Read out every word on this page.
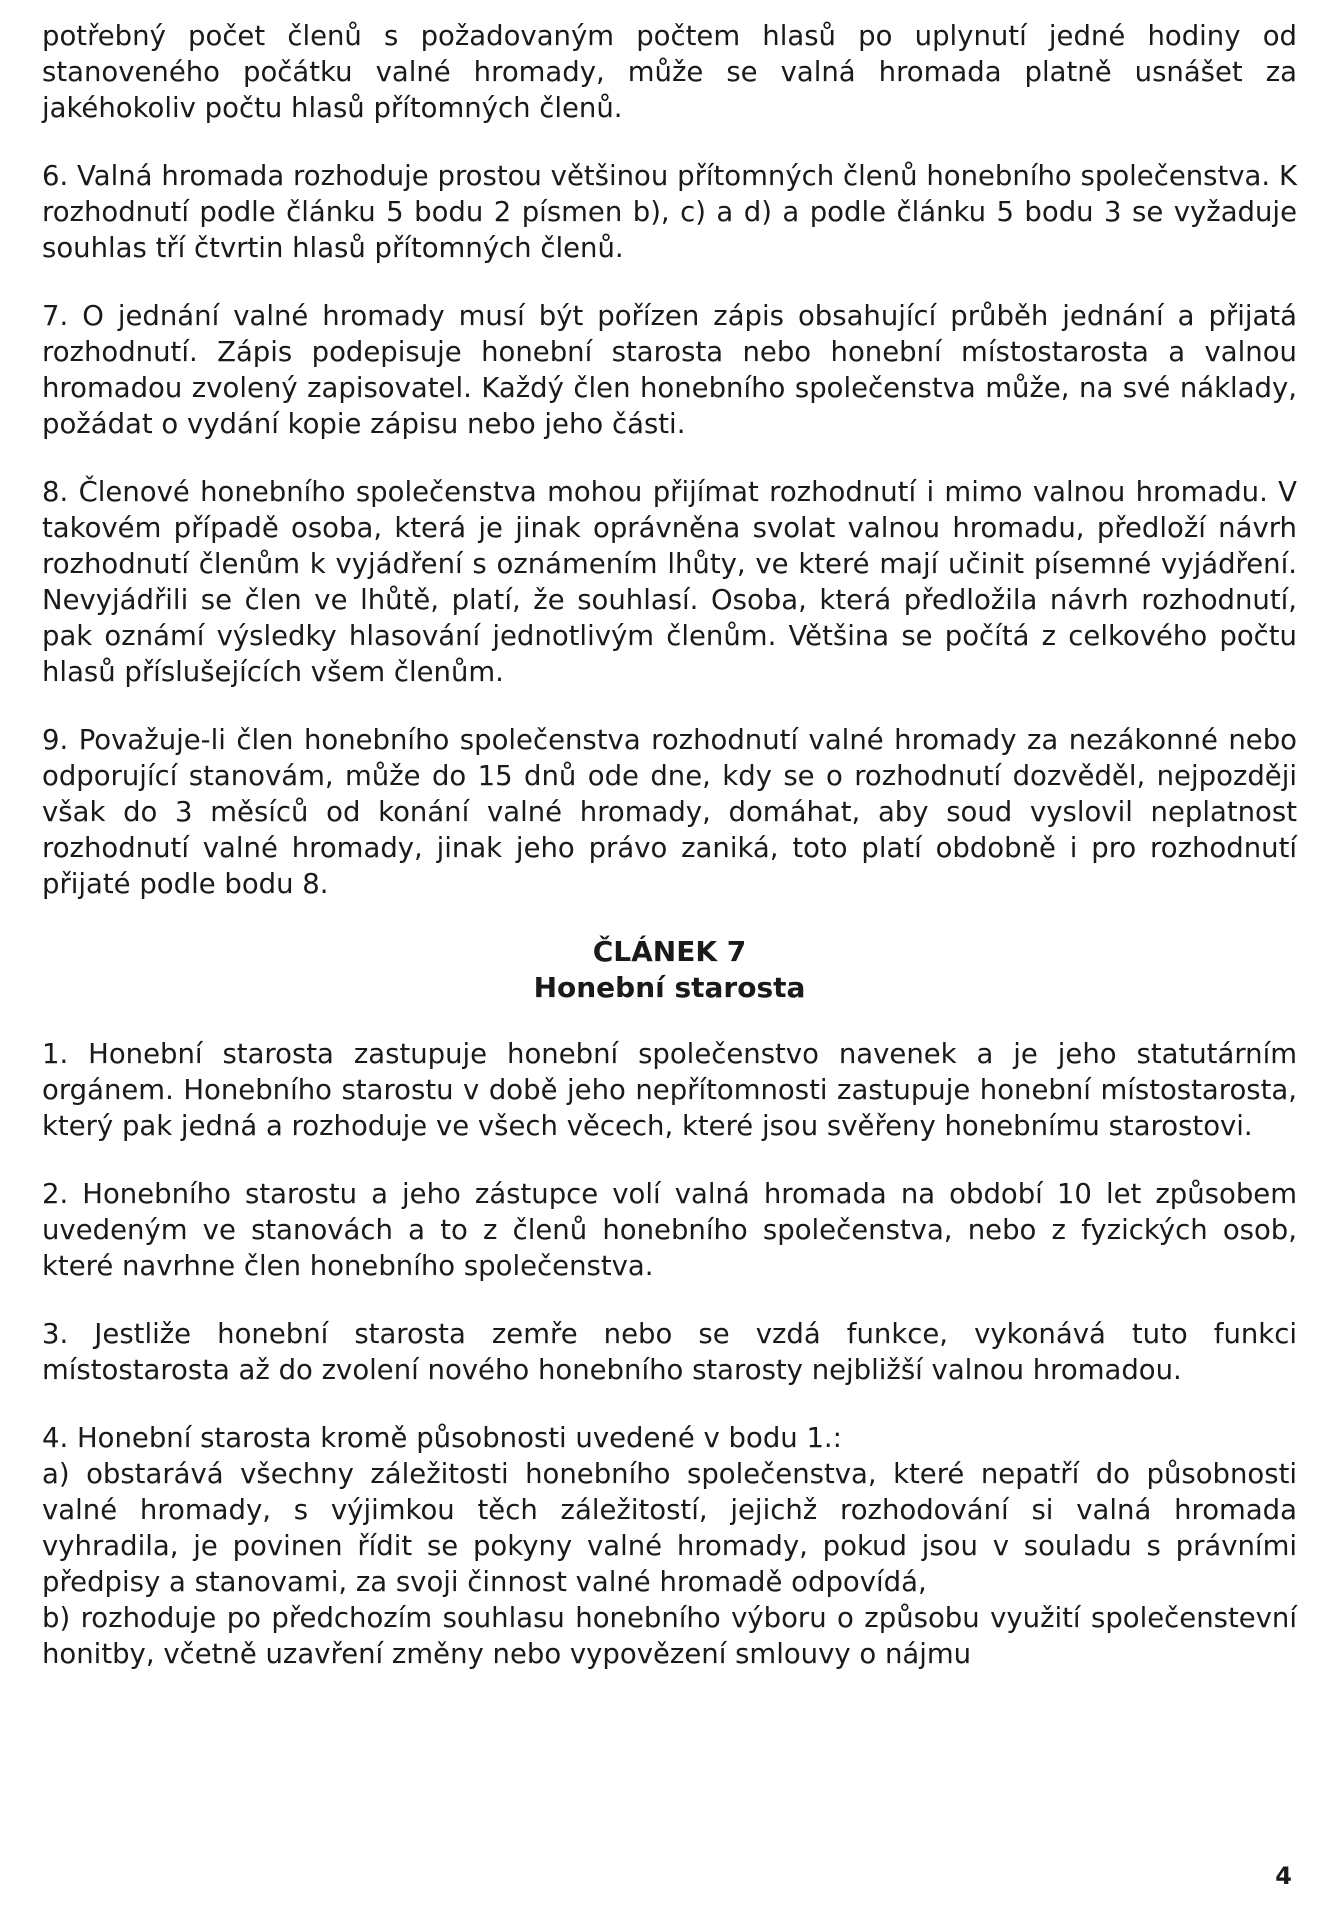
potřebný počet členů s požadovaným počtem hlasů po uplynutí jedné hodiny od stanoveného počátku valné hromady, může se valná hromada platně usnášet za jakéhokoliv počtu hlasů přítomných členů.

6. Valná hromada rozhoduje prostou většinou přítomných členů honebního společenstva. K rozhodnutí podle článku 5 bodu 2 písmen b), c) a d) a podle článku 5 bodu 3 se vyžaduje souhlas tří čtvrtin hlasů přítomných členů.

7. O jednání valné hromady musí být pořízen zápis obsahující průběh jednání a přijatá rozhodnutí. Zápis podepisuje honební starosta nebo honební místostarosta a valnou hromadou zvolený zapisovatel. Každý člen honebního společenstva může, na své náklady, požádat o vydání kopie zápisu nebo jeho části.

8. Členové honebního společenstva mohou přijímat rozhodnutí i mimo valnou hromadu. V takovém případě osoba, která je jinak oprávněna svolat valnou hromadu, předloží návrh rozhodnutí členům k vyjádření s oznámením lhůty, ve které mají učinit písemné vyjádření. Nevyjádřili se člen ve lhůtě, platí, že souhlasí. Osoba, která předložila návrh rozhodnutí, pak oznámí výsledky hlasování jednotlivým členům. Většina se počítá z celkového počtu hlasů příslušejících všem členům.

9. Považuje-li člen honebního společenstva rozhodnutí valné hromady za nezákonné nebo odporující stanovám, může do 15 dnů ode dne, kdy se o rozhodnutí dozvěděl, nejpozději však do 3 měsíců od konání valné hromady, domáhat, aby soud vyslovil neplatnost rozhodnutí valné hromady, jinak jeho právo zaniká, toto platí obdobně i pro rozhodnutí přijaté podle bodu 8.

ČLÁNEK 7
Honební starosta

1. Honební starosta zastupuje honební společenstvo navenek a je jeho statutárním orgánem. Honebního starostu v době jeho nepřítomnosti zastupuje honební místostarosta, který pak jedná a rozhoduje ve všech věcech, které jsou svěřeny honebnímu starostovi.

2. Honebního starostu a jeho zástupce volí valná hromada na období 10 let způsobem uvedeným ve stanovách a to z členů honebního společenstva, nebo z fyzických osob, které navrhne člen honebního společenstva.

3. Jestliže honební starosta zemře nebo se vzdá funkce, vykonává tuto funkci místostarosta až do zvolení nového honebního starosty nejbližší valnou hromadou.

4. Honební starosta kromě působnosti uvedené v bodu 1.:

a) obstarává všechny záležitosti honebního společenstva, které nepatří do působnosti valné hromady, s výjimkou těch záležitostí, jejichž rozhodování si valná hromada vyhradila, je povinen řídit se pokyny valné hromady, pokud jsou v souladu s právními předpisy a stanovami, za svoji činnost valné hromadě odpovídá,

b) rozhoduje po předchozím souhlasu honebního výboru o způsobu využití společenstevní honitby, včetně uzavření změny nebo vypovězení smlouvy o nájmu

4
